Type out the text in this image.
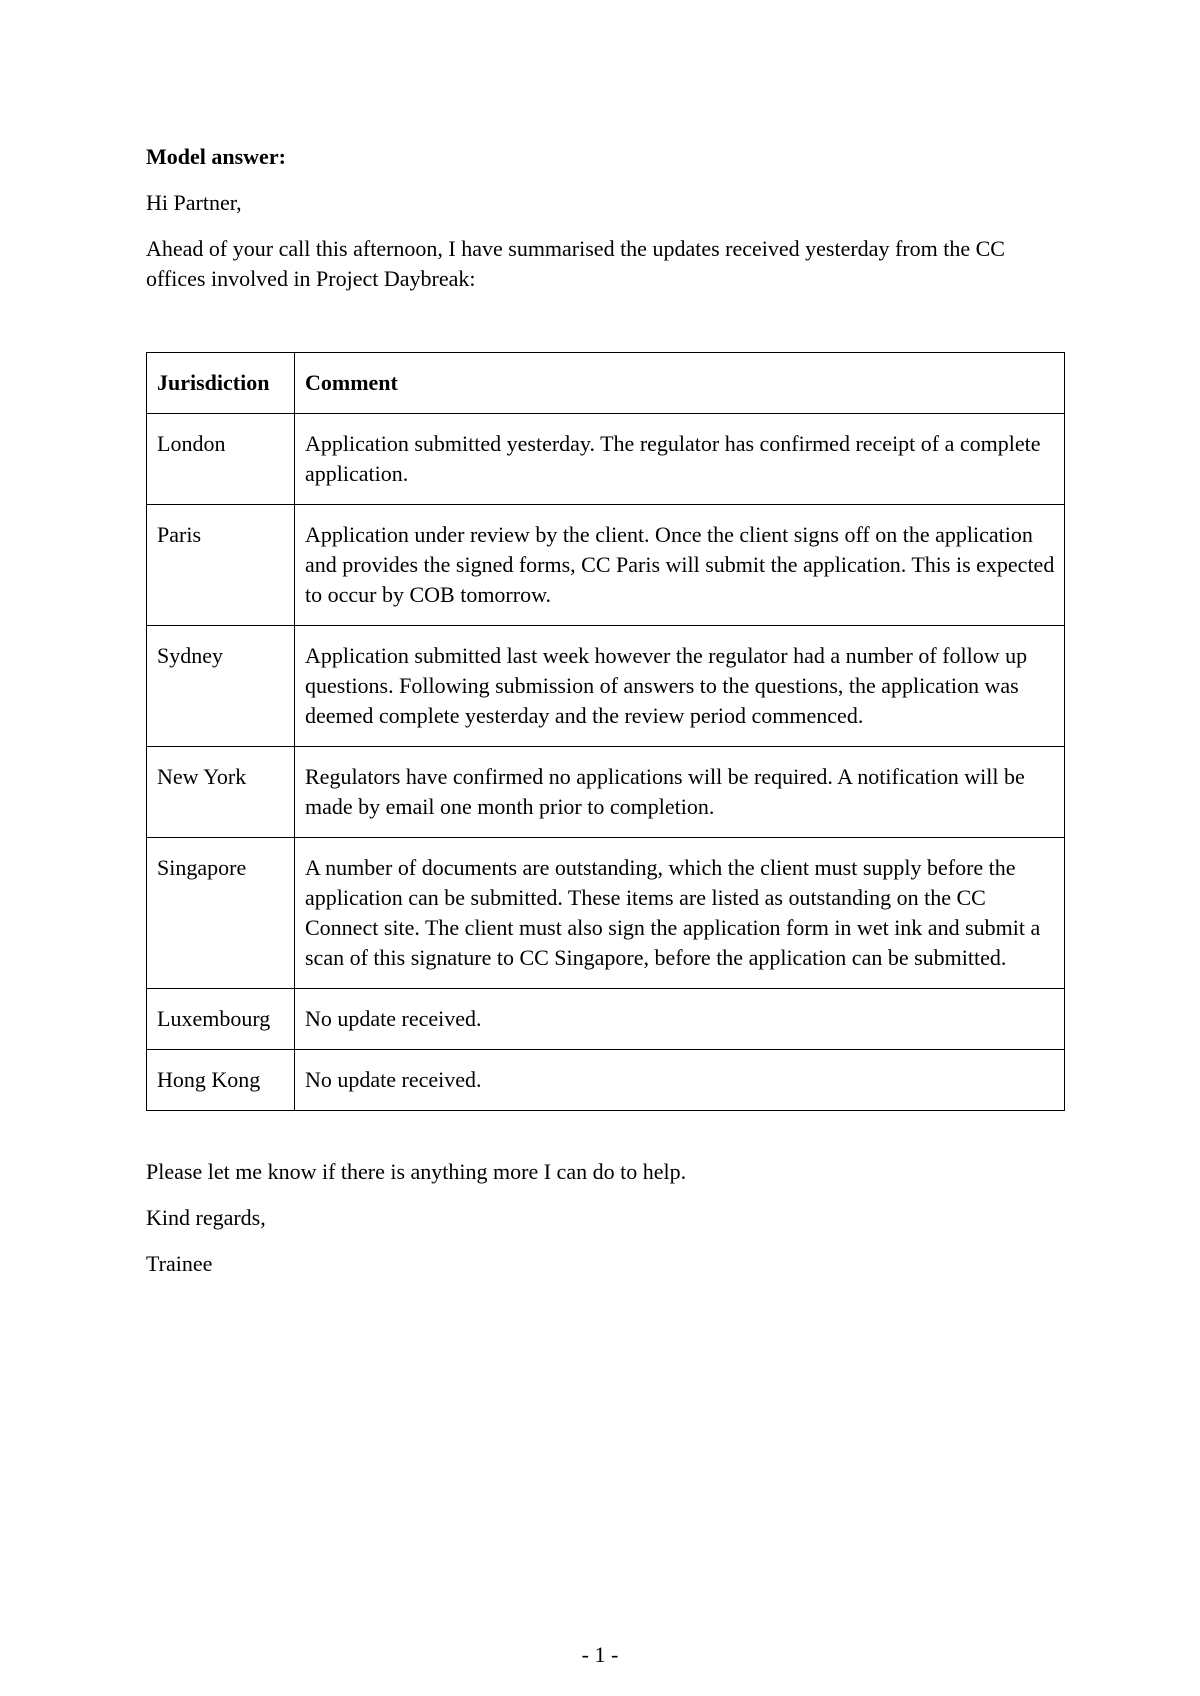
Model answer:

Hi Partner,

Ahead of your call this afternoon, I have summarised the updates received yesterday from the CC offices involved in Project Daybreak:

Jurisdiction	Comment
London	Application submitted yesterday. The regulator has confirmed receipt of a complete application.
Paris	Application under review by the client. Once the client signs off on the application and provides the signed forms, CC Paris will submit the application. This is expected to occur by COB tomorrow.
Sydney	Application submitted last week however the regulator had a number of follow up questions. Following submission of answers to the questions, the application was deemed complete yesterday and the review period commenced.
New York	Regulators have confirmed no applications will be required. A notification will be made by email one month prior to completion.
Singapore	A number of documents are outstanding, which the client must supply before the application can be submitted. These items are listed as outstanding on the CC Connect site. The client must also sign the application form in wet ink and submit a scan of this signature to CC Singapore, before the application can be submitted.
Luxembourg	No update received.
Hong Kong	No update received.

Please let me know if there is anything more I can do to help.

Kind regards,

Trainee

- 1 -
